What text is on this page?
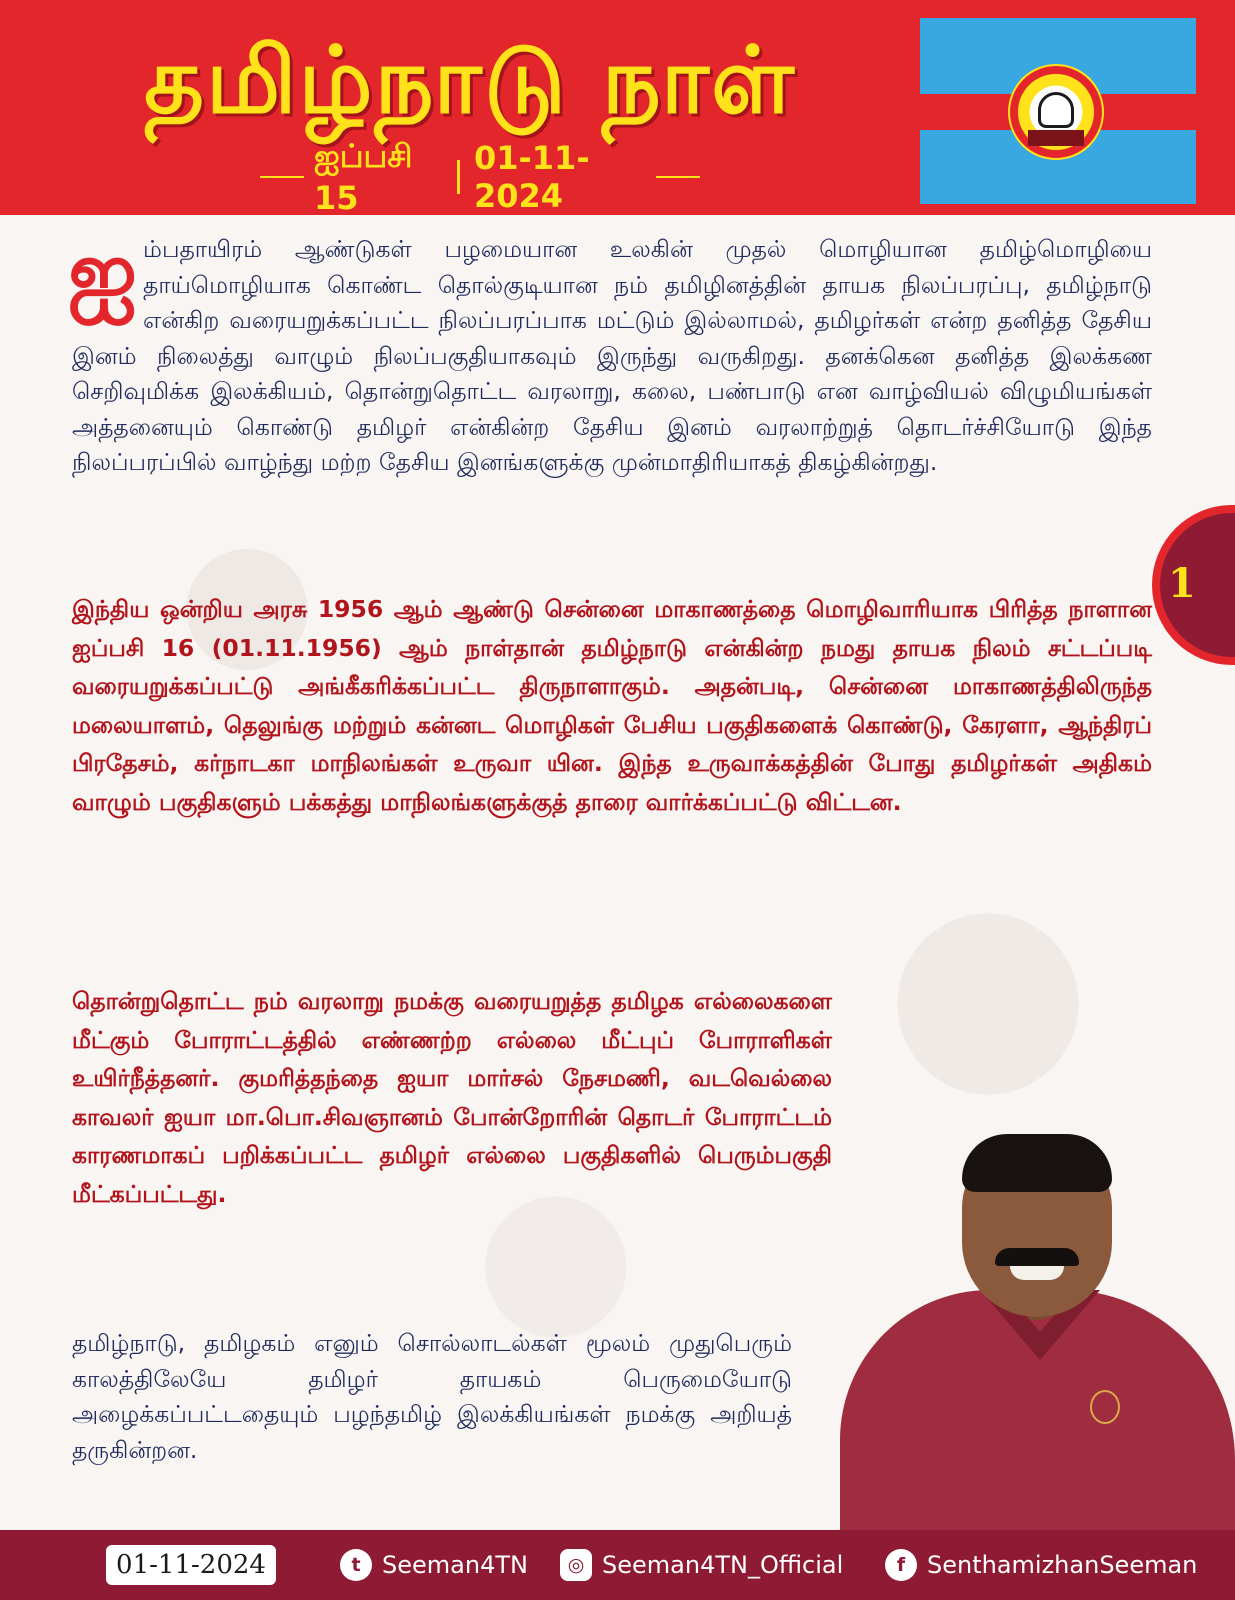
தமிழ்நாடு நாள்
ஐப்பசி 15
01-11-2024
ஐ ம்பதாயிரம் ஆண்டுகள் பழமையான உலகின் முதல் மொழியான தமிழ்மொழியை தாய்மொழியாக கொண்ட தொல்குடியான நம் தமிழினத்தின் தாயக நிலப்பரப்பு, தமிழ்நாடு என்கிற வரையறுக்கப்பட்ட நிலப்பரப்பாக மட்டும் இல்லாமல், தமிழர்கள் என்ற தனித்த தேசிய இனம் நிலைத்து வாழும் நிலப்பகுதியாகவும் இருந்து வருகிறது. தனக்கென தனித்த இலக்கண செறிவுமிக்க இலக்கியம், தொன்றுதொட்ட வரலாறு, கலை, பண்பாடு என வாழ்வியல் விழுமியங்கள் அத்தனையும் கொண்டு தமிழர் என்கின்ற தேசிய இனம் வரலாற்றுத் தொடர்ச்சியோடு இந்த நிலப்பரப்பில் வாழ்ந்து மற்ற தேசிய இனங்களுக்கு முன்மாதிரியாகத் திகழ்கின்றது.
இந்திய ஒன்றிய அரசு 1956 ஆம் ஆண்டு சென்னை மாகாணத்தை மொழிவாரியாக பிரித்த நாளான ஐப்பசி 16 (01.11.1956) ஆம் நாள்தான் தமிழ்நாடு என்கின்ற நமது தாயக நிலம் சட்டப்படி வரையறுக்கப்பட்டு அங்கீகரிக்கப்பட்ட திருநாளாகும். அதன்படி, சென்னை மாகாணத்திலிருந்த மலையாளம், தெலுங்கு மற்றும் கன்னட மொழிகள் பேசிய பகுதிகளைக் கொண்டு, கேரளா, ஆந்திரப் பிரதேசம், கர்நாடகா மாநிலங்கள் உருவா யின. இந்த உருவாக்கத்தின் போது தமிழர்கள் அதிகம் வாழும் பகுதிகளும் பக்கத்து மாநிலங்களுக்குத் தாரை வார்க்கப்பட்டு விட்டன.
தொன்றுதொட்ட நம் வரலாறு நமக்கு வரையறுத்த தமிழக எல்லைகளை மீட்கும் போராட்டத்தில் எண்ணற்ற எல்லை மீட்புப் போராளிகள் உயிர்நீத்தனர். குமரித்தந்தை ஐயா மார்சல் நேசமணி, வடவெல்லை காவலர் ஐயா மா.பொ.சிவஞானம் போன்றோரின் தொடர் போராட்டம் காரணமாகப் பறிக்கப்பட்ட தமிழர் எல்லை பகுதிகளில் பெரும்பகுதி மீட்கப்பட்டது.
தமிழ்நாடு, தமிழகம் எனும் சொல்லாடல்கள் மூலம் முதுபெரும் காலத்திலேயே தமிழர் தாயகம் பெருமையோடு அழைக்கப்பட்டதையும் பழந்தமிழ் இலக்கியங்கள் நமக்கு அறியத் தருகின்றன.
1
01-11-2024	t Seeman4TN	◎ Seeman4TN_Official	f SenthamizhanSeeman
